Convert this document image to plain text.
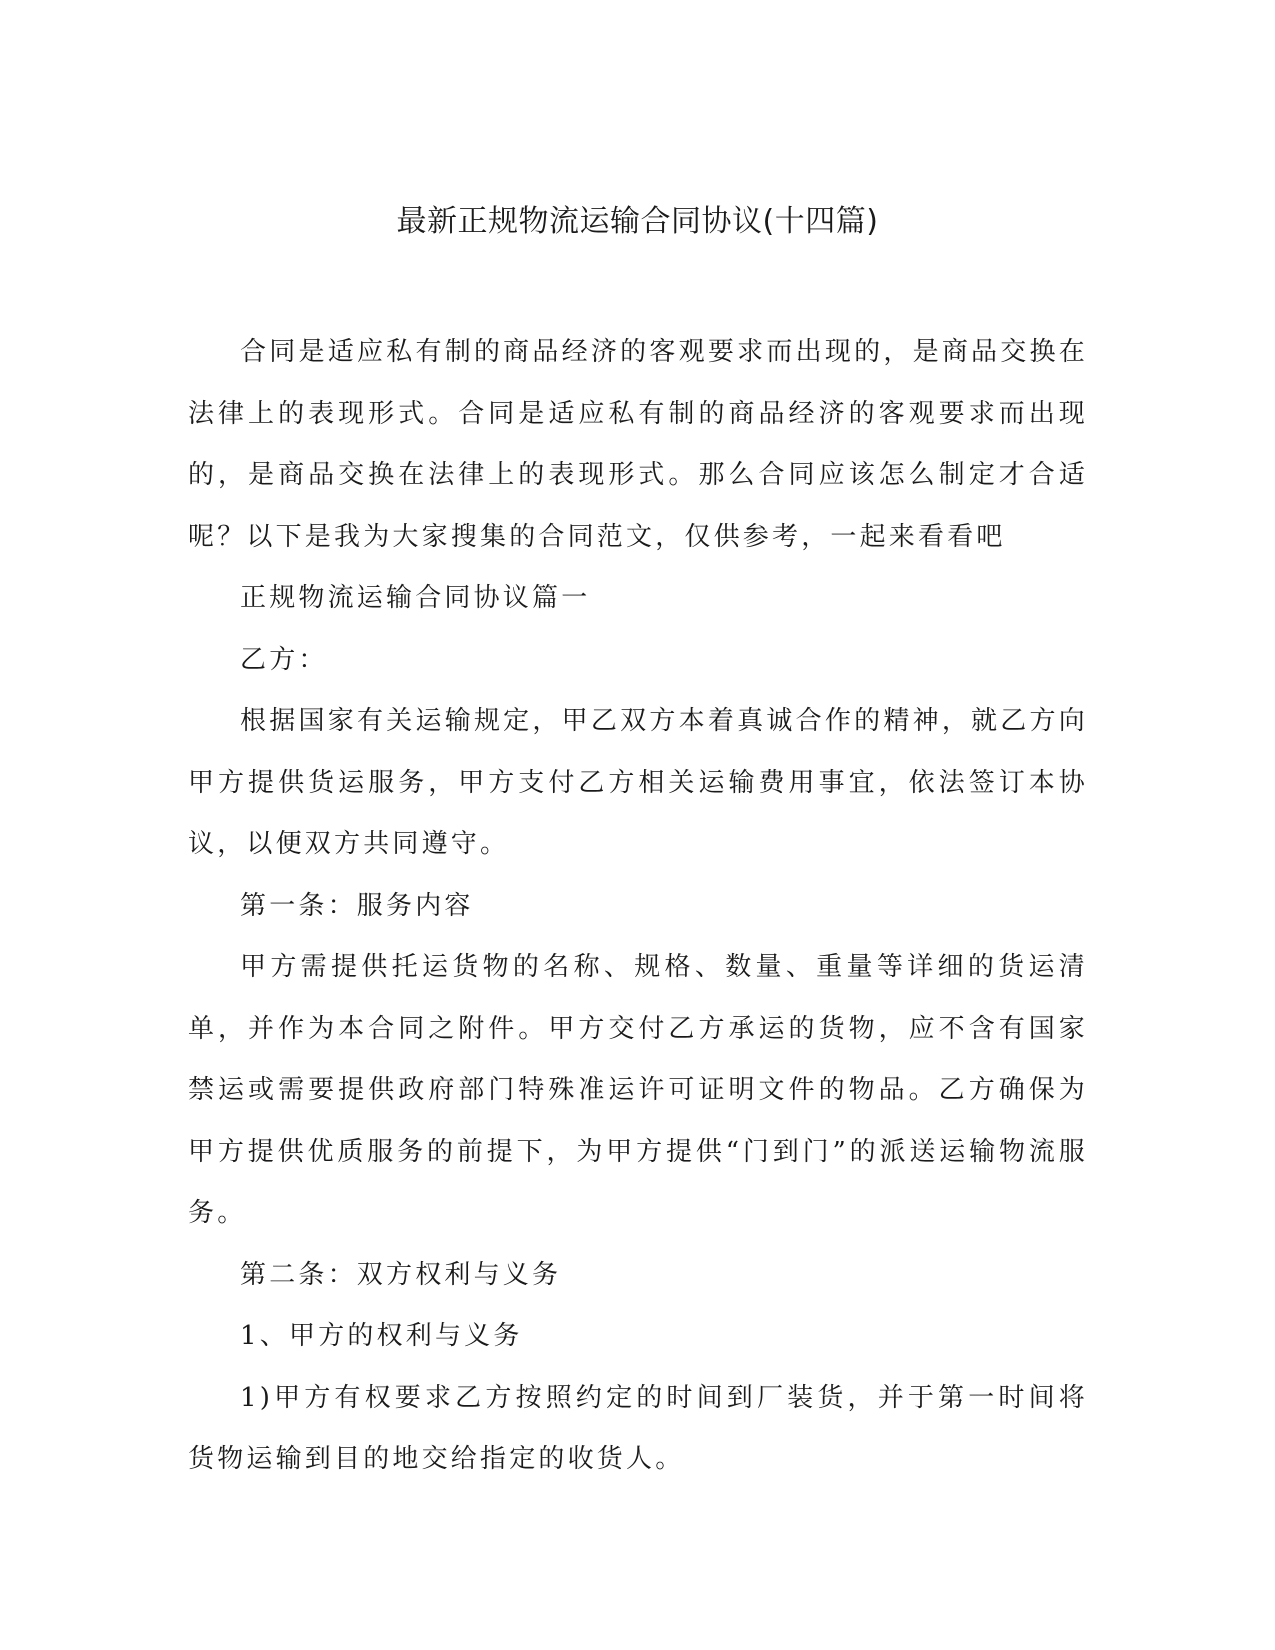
最新正规物流运输合同协议(十四篇)

合同是适应私有制的商品经济的客观要求而出现的，是商品交换在法律上的表现形式。合同是适应私有制的商品经济的客观要求而出现的，是商品交换在法律上的表现形式。那么合同应该怎么制定才合适呢？以下是我为大家搜集的合同范文，仅供参考，一起来看看吧

正规物流运输合同协议篇一

乙方：

根据国家有关运输规定，甲乙双方本着真诚合作的精神，就乙方向甲方提供货运服务，甲方支付乙方相关运输费用事宜，依法签订本协议，以便双方共同遵守。

第一条：服务内容

甲方需提供托运货物的名称、规格、数量、重量等详细的货运清单，并作为本合同之附件。甲方交付乙方承运的货物，应不含有国家禁运或需要提供政府部门特殊准运许可证明文件的物品。乙方确保为甲方提供优质服务的前提下，为甲方提供“门到门”的派送运输物流服务。

第二条：双方权利与义务

1、甲方的权利与义务

1)甲方有权要求乙方按照约定的时间到厂装货，并于第一时间将货物运输到目的地交给指定的收货人。
